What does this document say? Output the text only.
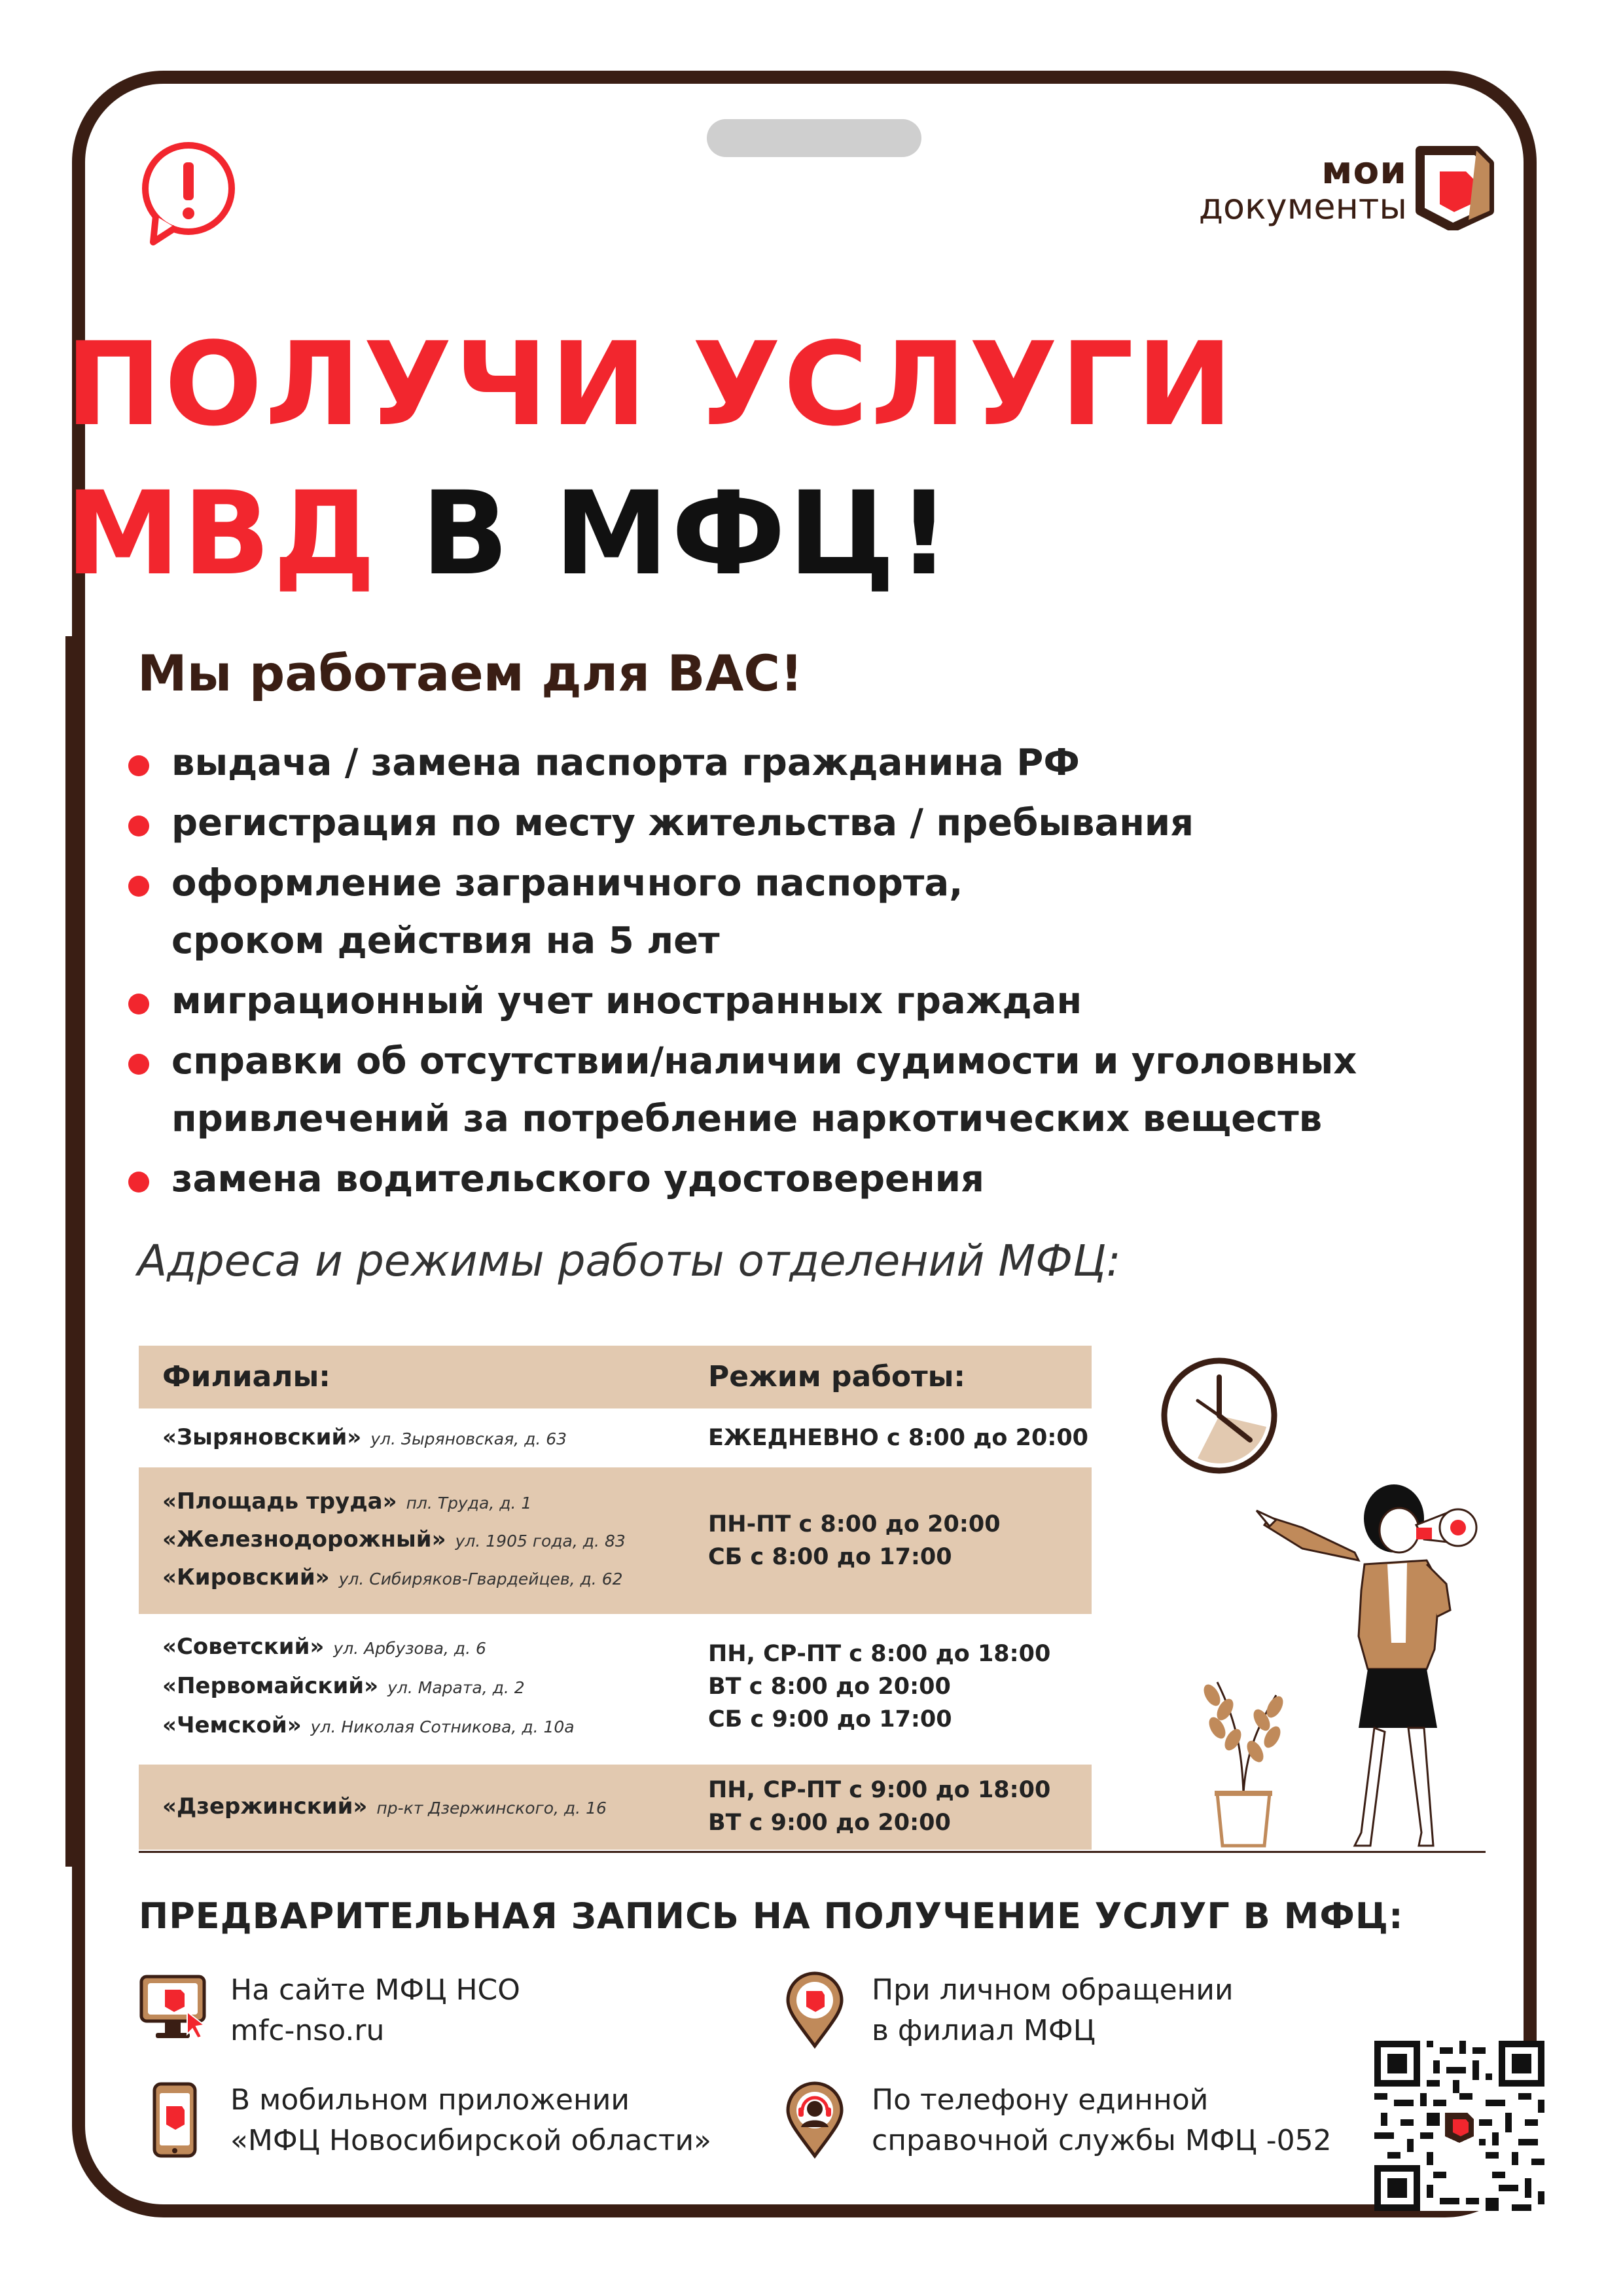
мои
документы
ПОЛУЧИ УСЛУГИ
МВД В МФЦ!
Мы работаем для ВАС!
выдача / замена паспорта гражданина РФ
регистрация по месту жительства / пребывания
оформление заграничного паспорта, сроком действия на 5 лет
миграционный учет иностранных граждан
справки об отсутствии/наличии судимости и уголовных привлечений за потребление наркотических веществ
замена водительского удостоверения
Адреса и режимы работы отделений МФЦ:
Филиалы:	Режим работы:
«Зыряновский» ул. Зыряновская, д. 63	ЕЖЕДНЕВНО с 8:00 до 20:00
«Площадь труда» пл. Труда, д. 1
«Железнодорожный» ул. 1905 года, д. 83
«Кировский» ул. Сибиряков-Гвардейцев, д. 62
ПН-ПТ с 8:00 до 20:00
СБ с 8:00 до 17:00
«Советский» ул. Арбузова, д. 6
«Первомайский» ул. Марата, д. 2
«Чемской» ул. Николая Сотникова, д. 10а
ПН, СР-ПТ с 8:00 до 18:00
ВТ с 8:00 до 20:00
СБ с 9:00 до 17:00
«Дзержинский» пр-кт Дзержинского, д. 16
ПН, СР-ПТ с 9:00 до 18:00
ВТ с 9:00 до 20:00
ПРЕДВАРИТЕЛЬНАЯ ЗАПИСЬ НА ПОЛУЧЕНИЕ УСЛУГ В МФЦ:
На сайте МФЦ НСО
mfc-nso.ru
При личном обращении
в филиал МФЦ
В мобильном приложении
«МФЦ Новосибирской области»
По телефону единной
справочной службы МФЦ -052
